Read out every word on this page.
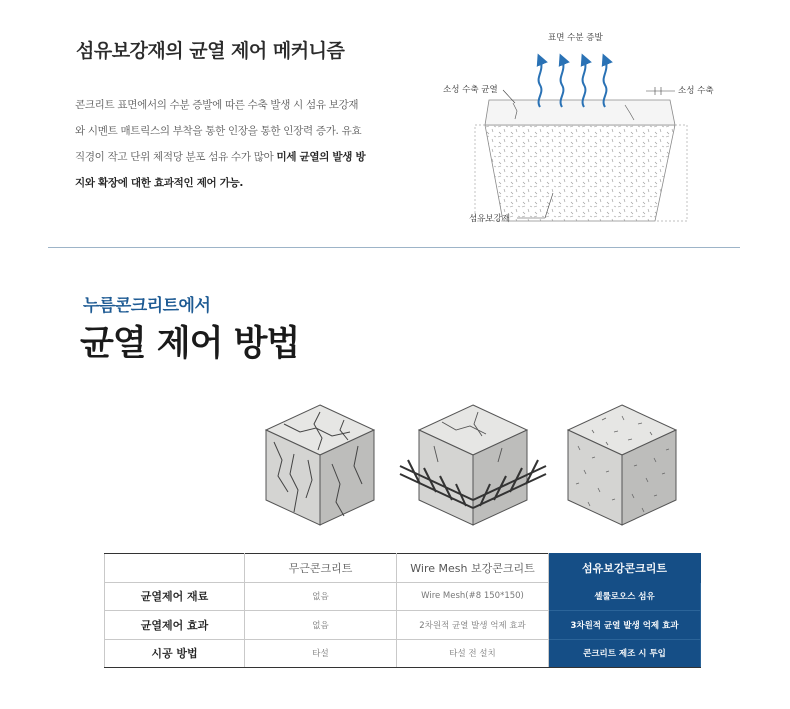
섬유보강재의 균열 제어 메커니즘

콘크리트 표면에서의 수분 증발에 따른 수축 발생 시 섬유 보강재와 시멘트 매트릭스의 부착을 통한 인장을 통한 인장력 증가. 유효직경이 작고 단위 체적당 분포 섬유 수가 많아 미세 균열의 발생 방지와 확장에 대한 효과적인 제어 가능.

표면 수분 증발
소성 수축 균열	소성 수축
섬유보강재
누름콘크리트에서
균열 제어 방법
	무근콘크리트	Wire Mesh 보강콘크리트	섬유보강콘크리트
균열제어 재료	없음	Wire Mesh(#8 150*150)	셀룰로오스 섬유
균열제어 효과	없음	2차원적 균열 발생 억제 효과	3차원적 균열 발생 억제 효과
시공 방법	타설	타설 전 설치	콘크리트 제조 시 투입
